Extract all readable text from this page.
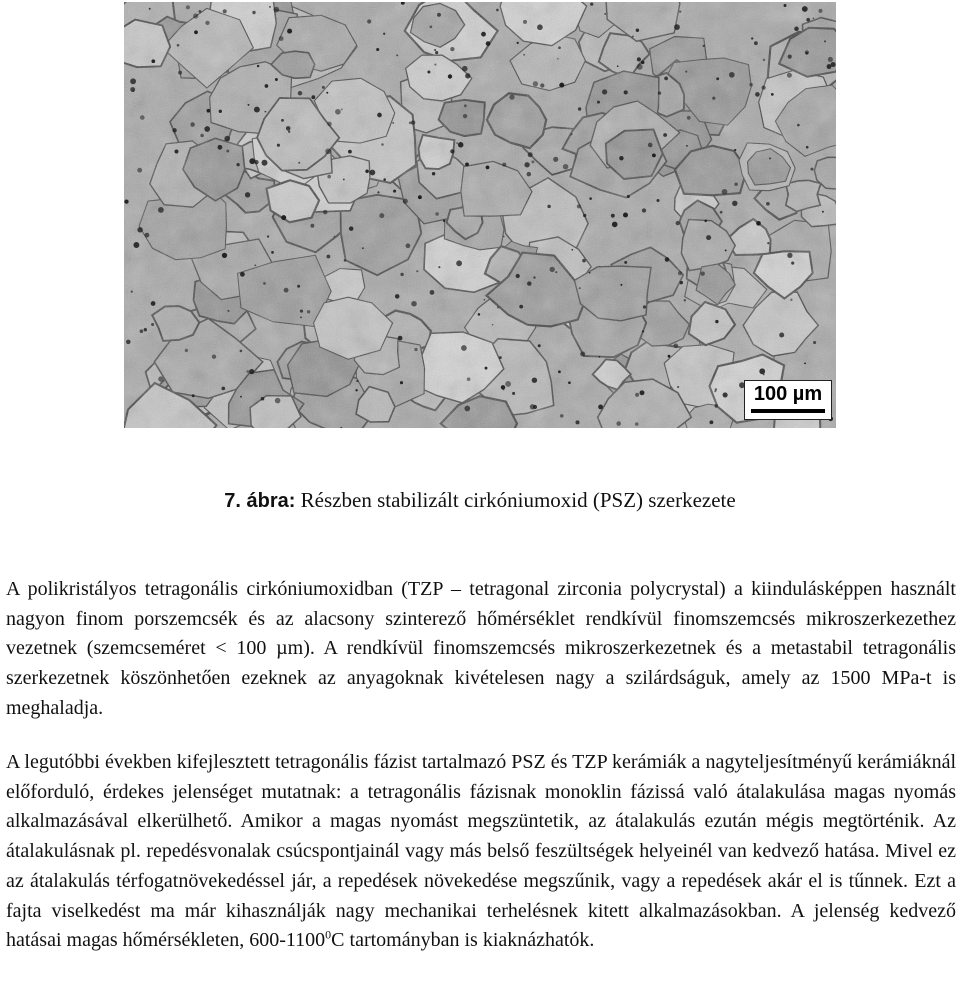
100 µm
7. ábra: Részben stabilizált cirkóniumoxid (PSZ) szerkezete

A polikristályos tetragonális cirkóniumoxidban (TZP – tetragonal zirconia polycrystal) a kiindulásképpen használt nagyon finom porszemcsék és az alacsony szinterező hőmérséklet rendkívül finomszemcsés mikroszerkezethez vezetnek (szemcseméret < 100 µm). A rendkívül finomszemcsés mikroszerkezetnek és a metastabil tetragonális szerkezetnek köszönhetően ezeknek az anyagoknak kivételesen nagy a szilárdságuk, amely az 1500 MPa-t is meghaladja.

A legutóbbi években kifejlesztett tetragonális fázist tartalmazó PSZ és TZP kerámiák a nagyteljesítményű kerámiáknál előforduló, érdekes jelenséget mutatnak: a tetragonális fázisnak monoklin fázissá való átalakulása magas nyomás alkalmazásával elkerülhető. Amikor a magas nyomást megszüntetik, az átalakulás ezután mégis megtörténik. Az átalakulásnak pl. repedésvonalak csúcspontjainál vagy más belső feszültségek helyeinél van kedvező hatása. Mivel ez az átalakulás térfogatnövekedéssel jár, a repedések növekedése megszűnik, vagy a repedések akár el is tűnnek. Ezt a fajta viselkedést ma már kihasználják nagy mechanikai terhelésnek kitett alkalmazásokban. A jelenség kedvező hatásai magas hőmérsékleten, 600-1100$^0$C tartományban is kiaknázhatók.
